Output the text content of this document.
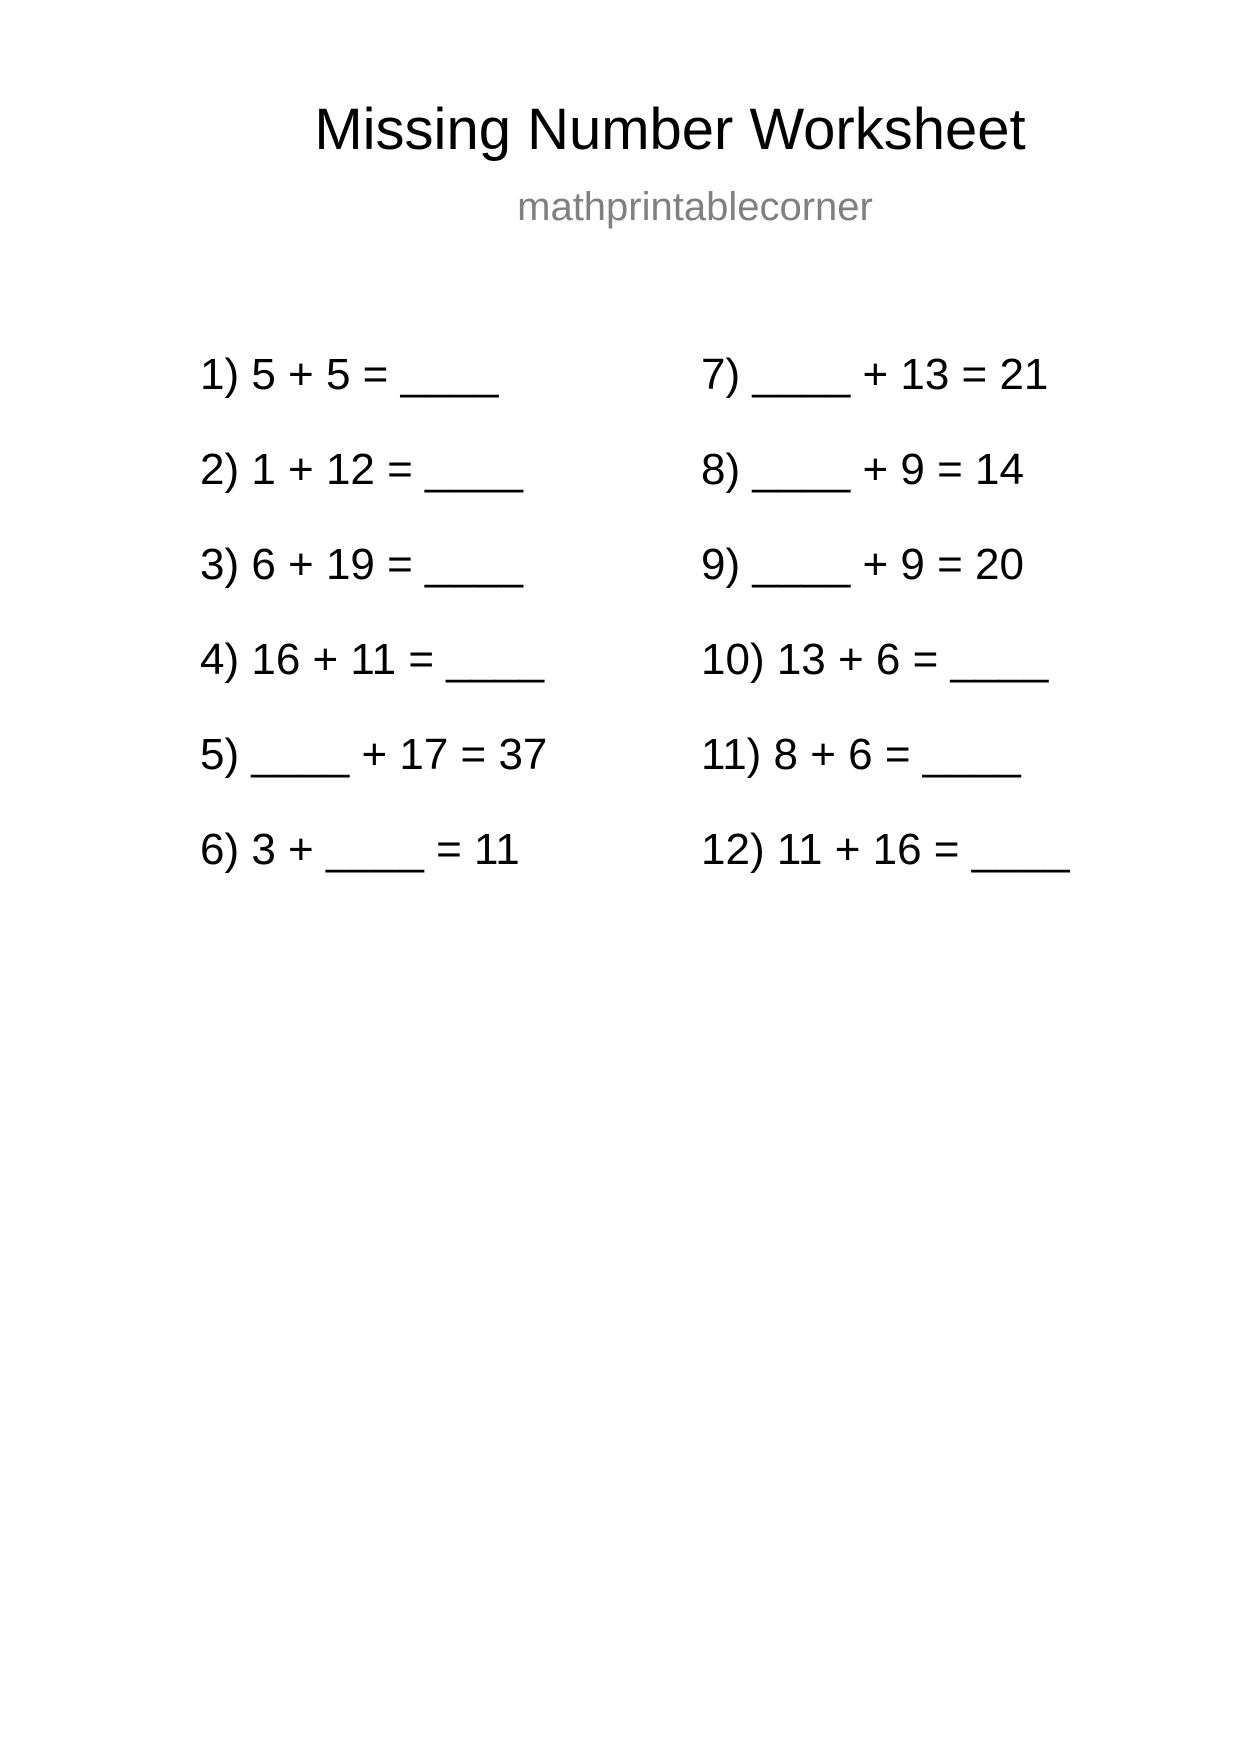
Missing Number Worksheet
mathprintablecorner
1) 5 + 5 = ____
2) 1 + 12 = ____
3) 6 + 19 = ____
4) 16 + 11 = ____
5) ____ + 17 = 37
6) 3 + ____ = 11
7) ____ + 13 = 21
8) ____ + 9 = 14
9) ____ + 9 = 20
10) 13 + 6 = ____
11) 8 + 6 = ____
12) 11 + 16 = ____
